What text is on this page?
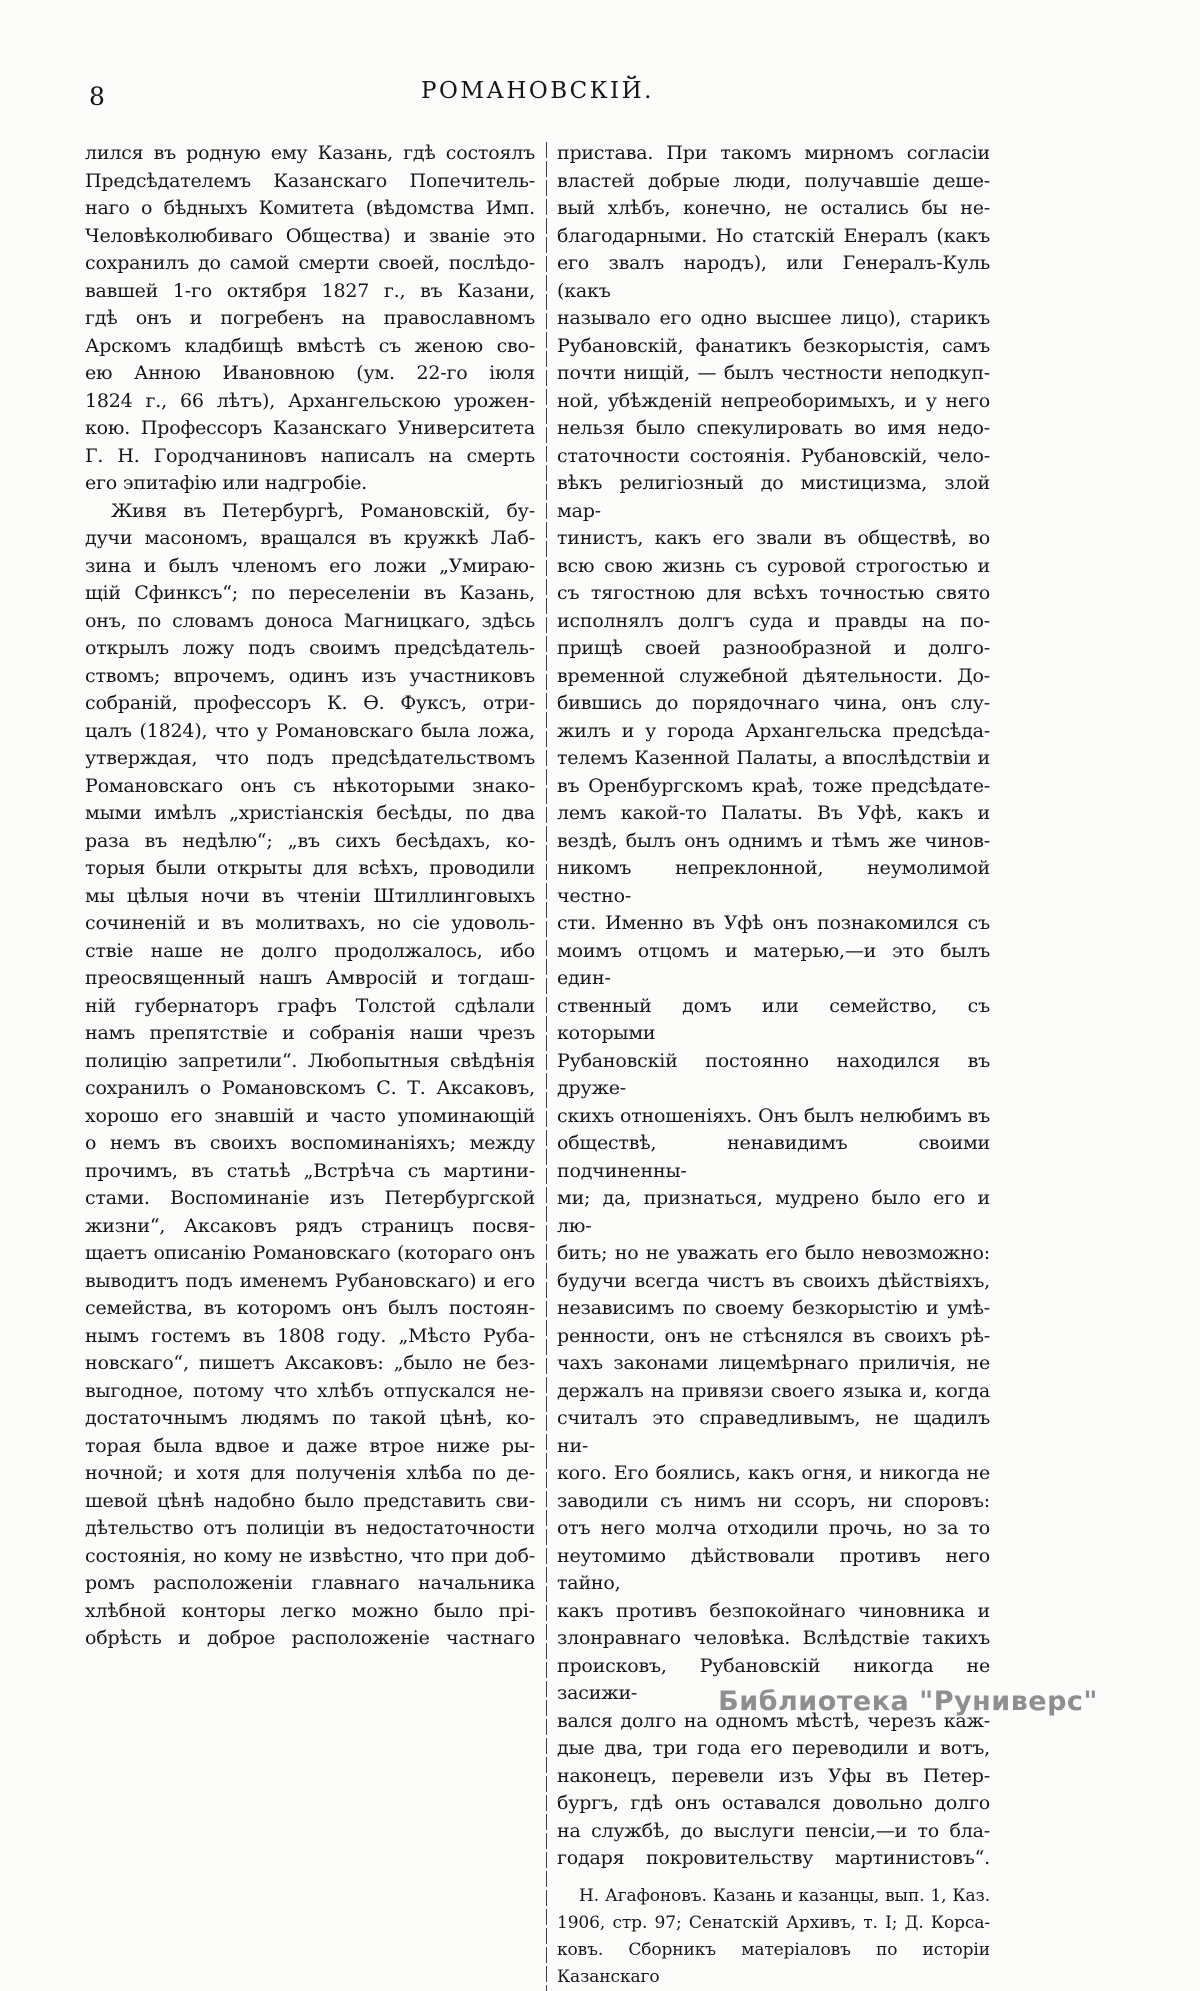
8	РОМАНОВСКІЙ.

лился въ родную ему Казань, гдѣ состоялъ
Предсѣдателемъ Казанскаго Попечитель-
наго о бѣдныхъ Комитета (вѣдомства Имп.
Человѣколюбиваго Общества) и званіе это
сохранилъ до самой смерти своей, послѣдо-
вавшей 1-го октября 1827 г., въ Казани,
гдѣ онъ и погребенъ на православномъ
Арскомъ кладбищѣ вмѣстѣ съ женою сво-
ею Анною Ивановною (ум. 22-го іюля
1824 г., 66 лѣтъ), Архангельскою урожен-
кою. Профессоръ Казанскаго Университета
Г. Н. Городчаниновъ написалъ на смерть
его эпитафію или надгробіе.

Живя въ Петербургѣ, Романовскій, бу-
дучи масономъ, вращался въ кружкѣ Лаб-
зина и былъ членомъ его ложи „Умираю-
щій Сфинксъ“; по переселеніи въ Казань,
онъ, по словамъ доноса Магницкаго, здѣсь
открылъ ложу подъ своимъ предсѣдатель-
ствомъ; впрочемъ, одинъ изъ участниковъ
собраній, профессоръ К. Ѳ. Фуксъ, отри-
цалъ (1824), что у Романовскаго была ложа,
утверждая, что подъ предсѣдательствомъ
Романовскаго онъ съ нѣкоторыми знако-
мыми имѣлъ „христіанскія бесѣды, по два
раза въ недѣлю“; „въ сихъ бесѣдахъ, ко-
торыя были открыты для всѣхъ, проводили
мы цѣлыя ночи въ чтеніи Штиллинговыхъ
сочиненій и въ молитвахъ, но сіе удоволь-
ствіе наше не долго продолжалось, ибо
преосвященный нашъ Амвросій и тогдаш-
ній губернаторъ графъ Толстой сдѣлали
намъ препятствіе и собранія наши чрезъ
полицію запретили“. Любопытныя свѣдѣнія
сохранилъ о Романовскомъ С. Т. Аксаковъ,
хорошо его знавшій и часто упоминающій
о немъ въ своихъ воспоминаніяхъ; между
прочимъ, въ статьѣ „Встрѣча съ мартини-
стами. Воспоминаніе изъ Петербургской
жизни“, Аксаковъ рядъ страницъ посвя-
щаетъ описанію Романовскаго (котораго онъ
выводитъ подъ именемъ Рубановскаго) и его
семейства, въ которомъ онъ былъ постоян-
нымъ гостемъ въ 1808 году. „Мѣсто Руба-
новскаго“, пишетъ Аксаковъ: „было не без-
выгодное, потому что хлѣбъ отпускался не-
достаточнымъ людямъ по такой цѣнѣ, ко-
торая была вдвое и даже втрое ниже ры-
ночной; и хотя для полученія хлѣба по де-
шевой цѣнѣ надобно было представить сви-
дѣтельство отъ полиціи въ недостаточности
состоянія, но кому не извѣстно, что при доб-
ромъ расположеніи главнаго начальника
хлѣбной конторы легко можно было прі-
обрѣсть и доброе расположеніе частнаго

пристава. При такомъ мирномъ согласіи
властей добрые люди, получавшіе деше-
вый хлѣбъ, конечно, не остались бы не-
благодарными. Но статскій Енералъ (какъ
его звалъ народъ), или Генералъ-Куль (какъ
называло его одно высшее лицо), старикъ
Рубановскій, фанатикъ безкорыстія, самъ
почти нищій, — былъ честности неподкуп-
ной, убѣжденій непреоборимыхъ, и у него
нельзя было спекулировать во имя недо-
статочности состоянія. Рубановскій, чело-
вѣкъ религіозный до мистицизма, злой мар-
тинистъ, какъ его звали въ обществѣ, во
всю свою жизнь съ суровой строгостью и
съ тягостною для всѣхъ точностью свято
исполнялъ долгъ суда и правды на по-
прищѣ своей разнообразной и долго-
временной служебной дѣятельности. До-
бившись до порядочнаго чина, онъ слу-
жилъ и у города Архангельска предсѣда-
телемъ Казенной Палаты, а впослѣдствіи и
въ Оренбургскомъ краѣ, тоже предсѣдате-
лемъ какой-то Палаты. Въ Уфѣ, какъ и
вездѣ, былъ онъ однимъ и тѣмъ же чинов-
никомъ непреклонной, неумолимой честно-
сти. Именно въ Уфѣ онъ познакомился съ
моимъ отцомъ и матерью,—и это былъ един-
ственный домъ или семейство, съ которыми
Рубановскій постоянно находился въ друже-
скихъ отношеніяхъ. Онъ былъ нелюбимъ въ
обществѣ, ненавидимъ своими подчиненны-
ми; да, признаться, мудрено было его и лю-
бить; но не уважать его было невозможно:
будучи всегда чистъ въ своихъ дѣйствіяхъ,
независимъ по своему безкорыстію и умѣ-
ренности, онъ не стѣснялся въ своихъ рѣ-
чахъ законами лицемѣрнаго приличія, не
держалъ на привязи своего языка и, когда
считалъ это справедливымъ, не щадилъ ни-
кого. Его боялись, какъ огня, и никогда не
заводили съ нимъ ни ссоръ, ни споровъ:
отъ него молча отходили прочь, но за то
неутомимо дѣйствовали противъ него тайно,
какъ противъ безпокойнаго чиновника и
злонравнаго человѣка. Вслѣдствіе такихъ
происковъ, Рубановскій никогда не засижи-
вался долго на одномъ мѣстѣ, черезъ каж-
дые два, три года его переводили и вотъ,
наконецъ, перевели изъ Уфы въ Петер-
бургъ, гдѣ онъ оставался довольно долго
на службѣ, до выслуги пенсіи,—и то бла-
годаря покровительству мартинистовъ“.

Н. Агафоновъ. Казань и казанцы, вып. 1, Каз.
1906, стр. 97; Сенатскій Архивъ, т. І; Д. Корса-
ковъ. Сборникъ матеріаловъ по исторіи Казанскаго
Библиотека "Руниверс"
